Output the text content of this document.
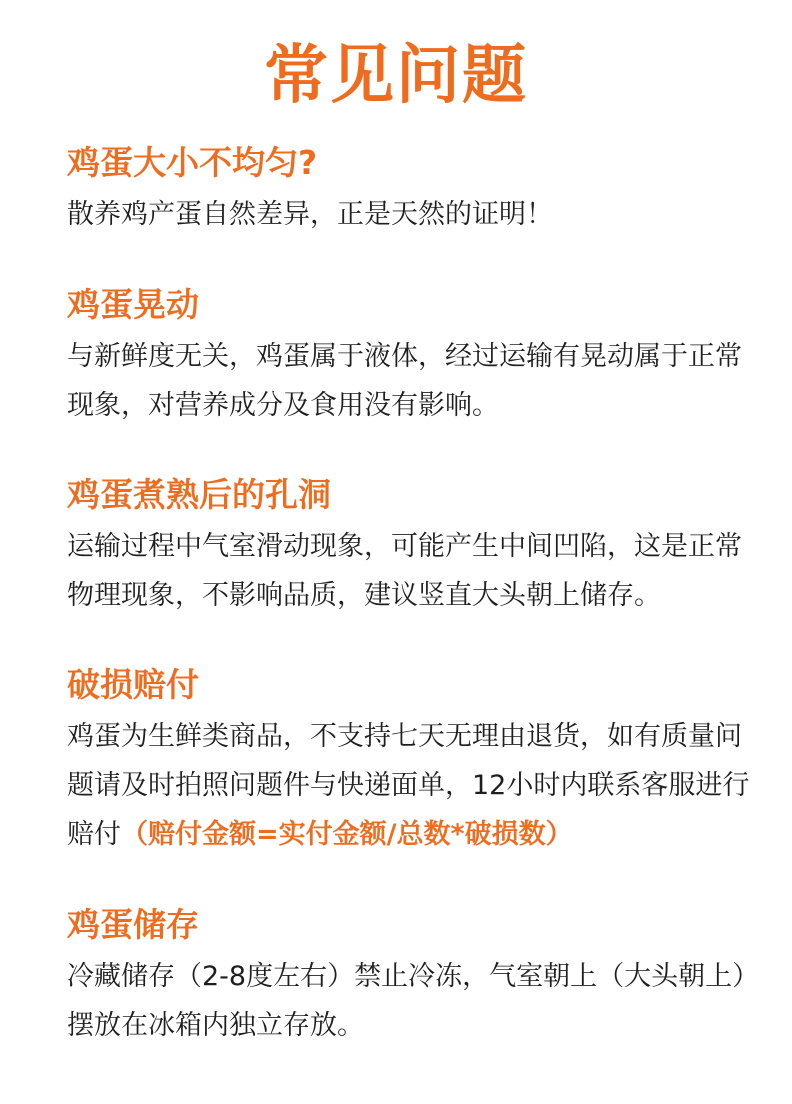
常见问题

鸡蛋大小不均匀?

散养鸡产蛋自然差异，正是天然的证明！

鸡蛋晃动

与新鲜度无关，鸡蛋属于液体，经过运输有晃动属于正常现象，对营养成分及食用没有影响。

鸡蛋煮熟后的孔洞

运输过程中气室滑动现象，可能产生中间凹陷，这是正常物理现象，不影响品质，建议竖直大头朝上储存。

破损赔付

鸡蛋为生鲜类商品，不支持七天无理由退货，如有质量问题请及时拍照问题件与快递面单，12小时内联系客服进行赔付（赔付金额=实付金额/总数*破损数）

鸡蛋储存

冷藏储存（2-8度左右）禁止冷冻，气室朝上（大头朝上）摆放在冰箱内独立存放。
